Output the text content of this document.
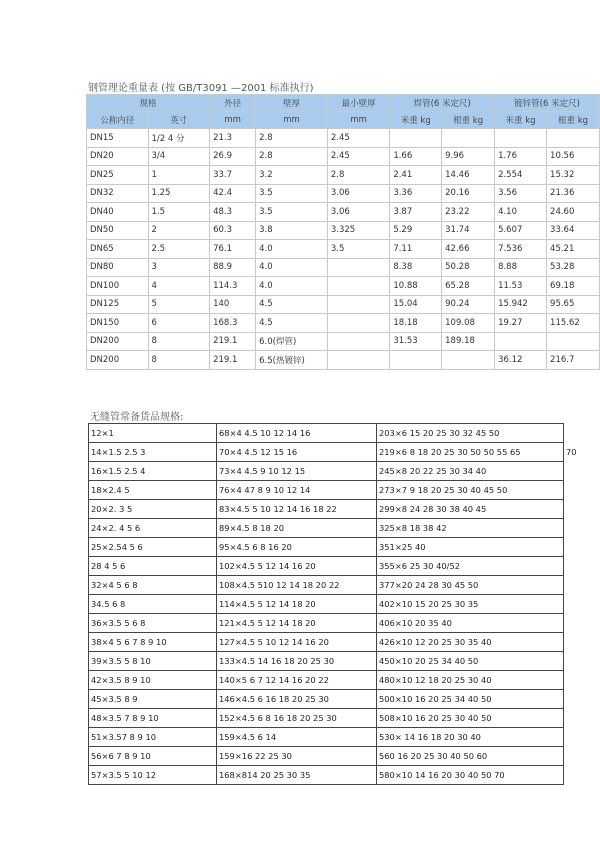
钢管理论重量表 (按 GB/T3091 —2001 标准执行)
规格		外径	壁厚	最小壁厚	焊管(6 米定尺)		镀锌管(6 米定尺)	
公称内径	英寸	mm	mm	mm	米重 kg	根重 kg	米重 kg	根重 kg
DN15	1/2 4 分	21.3	2.8	2.45				
DN20	3/4	26.9	2.8	2.45	1.66	9.96	1.76	10.56
DN25	1	33.7	3.2	2.8	2.41	14.46	2.554	15.32
DN32	1.25	42.4	3.5	3.06	3.36	20.16	3.56	21.36
DN40	1.5	48.3	3.5	3.06	3.87	23.22	4.10	24.60
DN50	2	60.3	3.8	3.325	5.29	31.74	5.607	33.64
DN65	2.5	76.1	4.0	3.5	7.11	42.66	7.536	45.21
DN80	3	88.9	4.0		8.38	50.28	8.88	53.28
DN100	4	114.3	4.0		10.88	65.28	11.53	69.18
DN125	5	140	4.5		15.04	90.24	15.942	95.65
DN150	6	168.3	4.5		18.18	109.08	19.27	115.62
DN200	8	219.1	6.0(焊管)		31.53	189.18		
DN200	8	219.1	6.5(热镀锌)				36.12	216.7
无缝管常备货品规格:
12×1	68×4 4.5 10 12 14 16	203×6 15 20 25 30 32 45 50	
14×1.5 2.5 3	70×4 4.5 12 15 16	219×6 8 18 20 25 30 50 50 55 65	70
16×1.5 2.5 4	73×4 4.5 9 10 12 15	245×8 20 22 25 30 34 40	
18×2.4 5	76×4 47 8 9 10 12 14	273×7 9 18 20 25 30 40 45 50	
20×2. 3 5	83×4.5 5 10 12 14 16 18 22	299×8 24 28 30 38 40 45	
24×2. 4 5 6	89×4.5 8 18 20	325×8 18 38 42	
25×2.54 5 6	95×4.5 6 8 16 20	351×25 40	
28 4 5 6	102×4.5 5 12 14 16 20	355×6 25 30 40/52	
32×4 5 6 8	108×4.5 510 12 14 18 20 22	377×20 24 28 30 45 50	
34.5 6 8	114×4.5 5 12 14 18 20	402×10 15 20 25 30 35	
36×3.5 5 6 8	121×4.5 5 12 14 18 20	406×10 20 35 40	
38×4 5 6 7 8 9 10	127×4.5 5 10 12 14 16 20	426×10 12 20 25 30 35 40	
39×3.5 5 8 10	133×4.5 14 16 18 20 25 30	450×10 20 25 34 40 50	
42×3.5 8 9 10	140×5 6 7 12 14 16 20 22	480×10 12 18 20 25 30 40	
45×3.5 8 9	146×4.5 6 16 18 20 25 30	500×10 16 20 25 34 40 50	
48×3.5 7 8 9 10	152×4.5 6 8 16 18 20 25 30	508×10 16 20 25 30 40 50	
51×3.57 8 9 10	159×4.5 6 14	530× 14 16 18 20 30 40	
56×6 7 8 9 10	159×16 22 25 30	560 16 20 25 30 40 50 60	
57×3.5 5 10 12	168×814 20 25 30 35	580×10 14 16 20 30 40 50 70	
